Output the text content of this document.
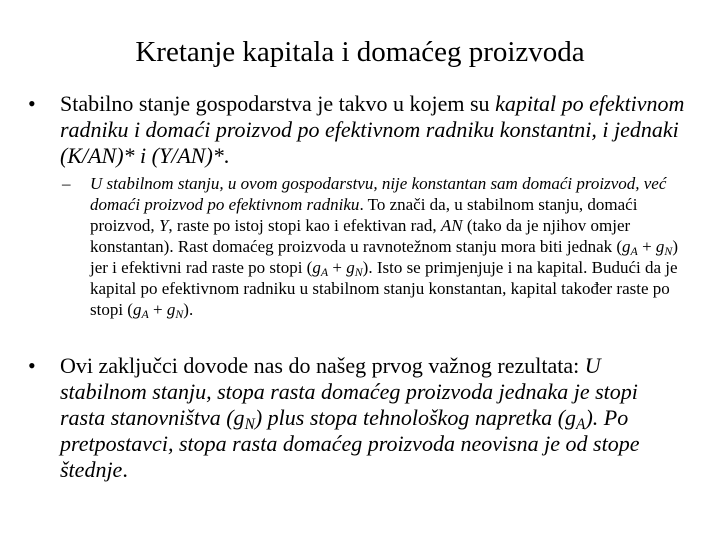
Kretanje kapitala i domaćeg proizvoda
•	Stabilno stanje gospodarstva je takvo u kojem su kapital po efektivnom radniku i domaći proizvod po efektivnom radniku konstantni, i jednaki (K/AN)* i (Y/AN)*.
– U stabilnom stanju, u ovom gospodarstvu, nije konstantan sam domaći proizvod, već domaći proizvod po efektivnom radniku. To znači da, u stabilnom stanju, domaći proizvod, Y, raste po istoj stopi kao i efektivan rad, AN (tako da je njihov omjer konstantan). Rast domaćeg proizvoda u ravnotežnom stanju mora biti jednak $(g_A + g_N)$ jer i efektivni rad raste po stopi $(g_A + g_N)$. Isto se primjenjuje i na kapital. Budući da je kapital po efektivnom radniku u stabilnom stanju konstantan, kapital također raste po stopi $(g_A + g_N)$.
•	Ovi zaključci dovode nas do našeg prvog važnog rezultata: U stabilnom stanju, stopa rasta domaćeg proizvoda jednaka je stopi rasta stanovništva $(g_N)$ plus stopa tehnološkog napretka $(g_A)$. Po pretpostavci, stopa rasta domaćeg proizvoda neovisna je od stope štednje.
